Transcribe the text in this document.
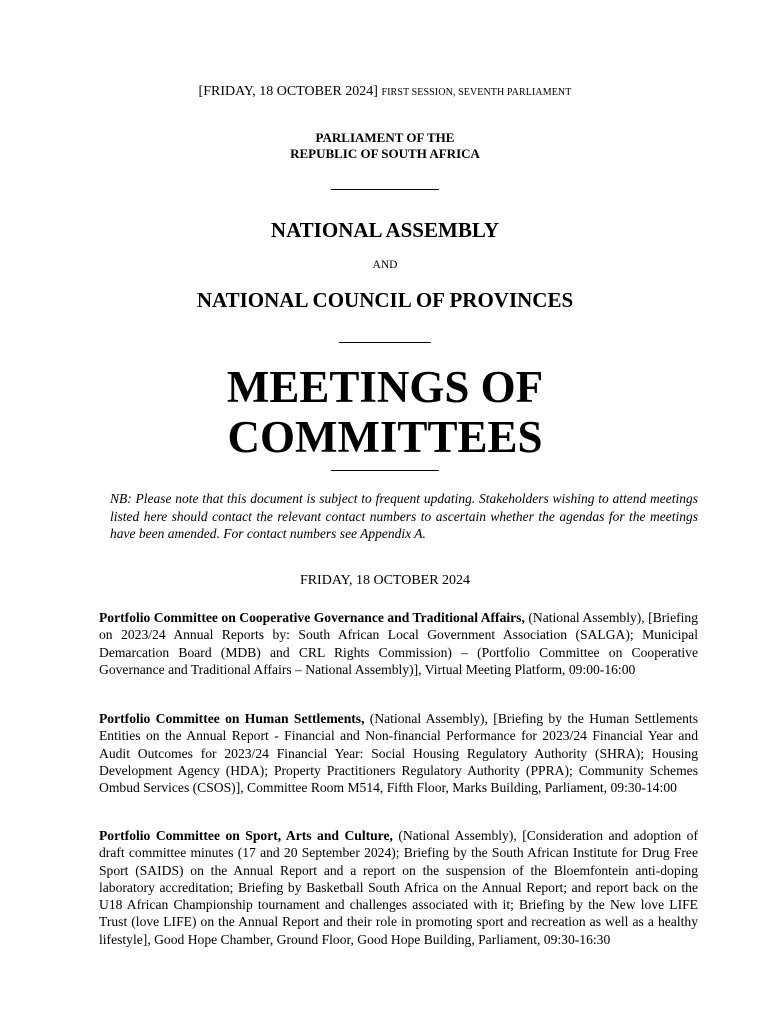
[FRIDAY, 18 OCTOBER 2024] FIRST SESSION, SEVENTH PARLIAMENT
PARLIAMENT OF THE
REPUBLIC OF SOUTH AFRICA
NATIONAL ASSEMBLY
AND
NATIONAL COUNCIL OF PROVINCES
MEETINGS OF
COMMITTEES
NB: Please note that this document is subject to frequent updating. Stakeholders wishing to attend meetings listed here should contact the relevant contact numbers to ascertain whether the agendas for the meetings have been amended. For contact numbers see Appendix A.
FRIDAY, 18 OCTOBER 2024
Portfolio Committee on Cooperative Governance and Traditional Affairs, (National Assembly), [Briefing on 2023/24 Annual Reports by: South African Local Government Association (SALGA); Municipal Demarcation Board (MDB) and CRL Rights Commission) – (Portfolio Committee on Cooperative Governance and Traditional Affairs – National Assembly)], Virtual Meeting Platform, 09:00-16:00
Portfolio Committee on Human Settlements, (National Assembly), [Briefing by the Human Settlements Entities on the Annual Report - Financial and Non-financial Performance for 2023/24 Financial Year and Audit Outcomes for 2023/24 Financial Year: Social Housing Regulatory Authority (SHRA); Housing Development Agency (HDA); Property Practitioners Regulatory Authority (PPRA); Community Schemes Ombud Services (CSOS)], Committee Room M514, Fifth Floor, Marks Building, Parliament, 09:30-14:00
Portfolio Committee on Sport, Arts and Culture, (National Assembly), [Consideration and adoption of draft committee minutes (17 and 20 September 2024); Briefing by the South African Institute for Drug Free Sport (SAIDS) on the Annual Report and a report on the suspension of the Bloemfontein anti-doping laboratory accreditation; Briefing by Basketball South Africa on the Annual Report; and report back on the U18 African Championship tournament and challenges associated with it; Briefing by the New love LIFE Trust (love LIFE) on the Annual Report and their role in promoting sport and recreation as well as a healthy lifestyle], Good Hope Chamber, Ground Floor, Good Hope Building, Parliament, 09:30-16:30
